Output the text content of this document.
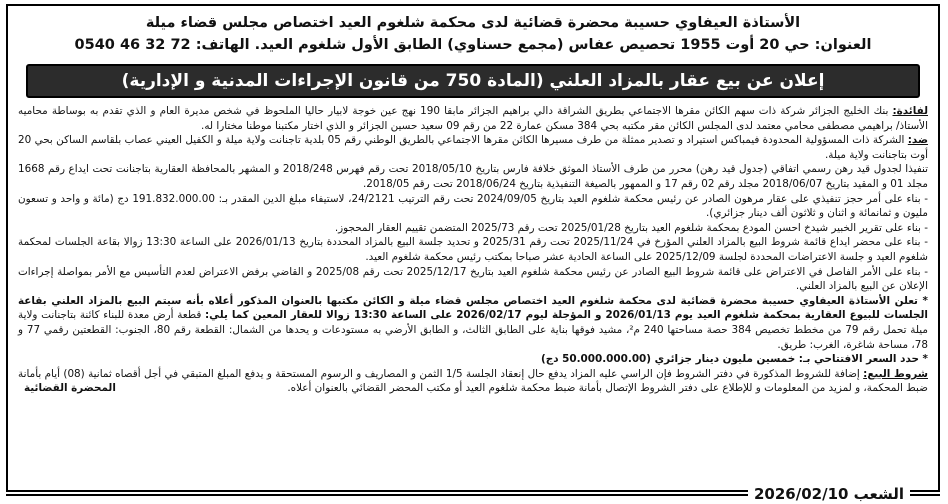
الأستاذة العيفاوي حسيبة محضرة قضائية لدى محكمة شلغوم العيد اختصاص مجلس قضاء ميلة
العنوان: حي 20 أوت 1955 تحصيص عفاس (مجمع حسناوي) الطابق الأول شلغوم العيد. الهاتف: 72 32 46 0540
إعلان عن بيع عقار بالمزاد العلني (المادة 750 من قانون الإجراءات المدنية و الإدارية)

لفائدة: بنك الخليج الجزائر شركة ذات سهم الكائن مقرها الاجتماعي بطريق الشراقة دالي براهيم الجزائر مابقا 190 نهج عين خوجة لابيار حاليا الملحوظ في شخص مديرة العام و الذي تقدم به بوساطة محاميه الأستاذ/ براهيمي مصطفى محامي معتمد لدى المجلس الكائن مقر مكتبه بحي 384 مسكن عمارة 22 من رقم 09 سعيد حسين الجزائر و الذي اختار مكتبنا موطنا مختارا له.

ضد: الشركة ذات المسؤولية المحدودة فيمباكس استيراد و تصدير ممثلة من طرف مسيرها الكائن مقرها الاجتماعي بالطريق الوطني رقم 05 بلدية تاجنانت ولاية ميلة و الكفيل العيني عصاب بلقاسم الساكن بحي 20 أوت بتاجنانت ولاية ميلة.

تنفيذا لجدول قيد رهن رسمي اتفاقي (جدول قيد رهن) محرر من طرف الأستاذ الموثق خلافة فارس بتاريخ 2018/05/10 تحت رقم فهرس 2018/248 و المشهر بالمحافظة العقارية بتاجنانت تحت ايداع رقم 1668 مجلد 01 و المقيد بتاريخ 2018/06/07 مجلد رقم 02 رقم 17 و الممهور بالصيغة التنفيذية بتاريخ 2018/06/24 تحت رقم 2018/05.

- بناء على أمر حجز تنفيذي على عقار مرهون الصادر عن رئيس محكمة شلغوم العيد بتاريخ 2024/09/05 تحت رقم الترتيب 24/2121، لاستيفاء مبلغ الدين المقدر بـ: 191.832.000.00 دج (مائة و واحد و تسعون مليون و ثمانمائة و اثنان و ثلاثون ألف دينار جزائري).

- بناء على تقرير الخبير شيدخ احسن المودع بمحكمة شلغوم العيد بتاريخ 2025/01/28 تحت رقم 2025/73 المتضمن تقييم العقار المحجوز.

- بناء على محضر ايداع قائمة شروط البيع بالمزاد العلني المؤرخ في 2025/11/24 تحت رقم 2025/31 و تحديد جلسة البيع بالمزاد المحددة بتاريخ 2026/01/13 على الساعة 13:30 زوالا بقاعة الجلسات لمحكمة شلغوم العيد و جلسة الاعتراضات المحددة لجلسة 2025/12/09 على الساعة الحادية عشر صباحا بمكتب رئيس محكمة شلغوم العيد.

- بناء على الأمر الفاصل في الاعتراض على قائمة شروط البيع الصادر عن رئيس محكمة شلغوم العيد بتاريخ 2025/12/17 تحت رقم 2025/08 و القاضي برفض الاعتراض لعدم التأسيس مع الأمر بمواصلة إجراءات الإعلان عن البيع بالمزاد العلني.

* تعلن الأستاذة العيفاوي حسيبة محضرة قضائية لدى محكمة شلغوم العيد اختصاص مجلس قضاء ميلة و الكائن مكتبها بالعنوان المذكور أعلاه بأنه سيتم البيع بالمزاد العلني بقاعة الجلسات للبيوع العقارية بمحكمة شلغوم العيد يوم 2026/01/13 و المؤجلة ليوم 2026/02/17 على الساعة 13:30 زوالا للعقار المعين كما يلي: قطعة أرض معدة للبناء كائنة بتاجنانت ولاية ميلة تحمل رقم 79 من مخطط تخصيص 384 حصة مساحتها 240 م²، مشيد فوقها بناية على الطابق الثالث، و الطابق الأرضي به مستودعات و يحدها من الشمال: القطعة رقم 80، الجنوب: القطعتين رقمي 77 و 78، مساحة شاغرة، الغرب: طريق.

* حدد السعر الافتتاحي بـ: خمسين مليون دينار جزائري (50.000.000.00 دج)

شروط البيع: إضافة للشروط المذكورة في دفتر الشروط فإن الراسي عليه المزاد يدفع حال إنعقاد الجلسة 1/5 الثمن و المصاريف و الرسوم المستحقة و يدفع المبلغ المتبقي في أجل أقصاه ثمانية (08) أيام بأمانة ضبط المحكمة، و لمزيد من المعلومات و للإطلاع على دفتر الشروط الإتصال بأمانة ضبط محكمة شلغوم العيد أو مكتب المحضر القضائي بالعنوان أعلاه.
المحضرة القضائية

الشعب 2026/02/10
